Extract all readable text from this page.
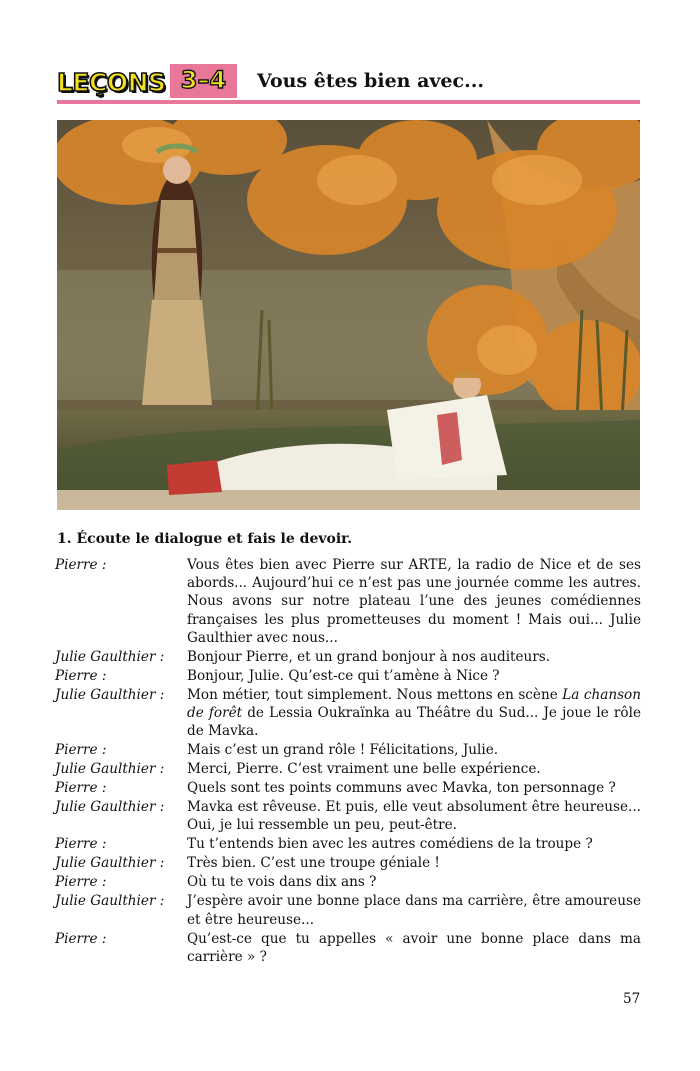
LEÇONS 3–4	Vous êtes bien avec...
1. Écoute le dialogue et fais le devoir.
Pierre :	Vous êtes bien avec Pierre sur ARTE, la radio de Nice et de ses abords... Aujourd’hui ce n’est pas une journée comme les autres. Nous avons sur notre plateau l’une des jeunes comédiennes françaises les plus prometteuses du moment ! Mais oui... Julie Gaulthier avec nous...
Julie Gaulthier :	Bonjour Pierre, et un grand bonjour à nos auditeurs.
Pierre :	Bonjour, Julie. Qu’est-ce qui t’amène à Nice ?
Julie Gaulthier :	Mon métier, tout simplement. Nous mettons en scène La chanson de forêt de Lessia Oukraïnka au Théâtre du Sud... Je joue le rôle de Mavka.
Pierre :	Mais c’est un grand rôle ! Félicitations, Julie.
Julie Gaulthier :	Merci, Pierre. C’est vraiment une belle expérience.
Pierre :	Quels sont tes points communs avec Mavka, ton personnage ?
Julie Gaulthier :	Mavka est rêveuse. Et puis, elle veut absolument être heureuse... Oui, je lui ressemble un peu, peut-être.
Pierre :	Tu t’entends bien avec les autres comédiens de la troupe ?
Julie Gaulthier :	Très bien. C’est une troupe géniale !
Pierre :	Où tu te vois dans dix ans ?
Julie Gaulthier :	J’espère avoir une bonne place dans ma carrière, être amoureuse et être heureuse...
Pierre :	Qu’est-ce que tu appelles « avoir une bonne place dans ma carrière » ?
57
